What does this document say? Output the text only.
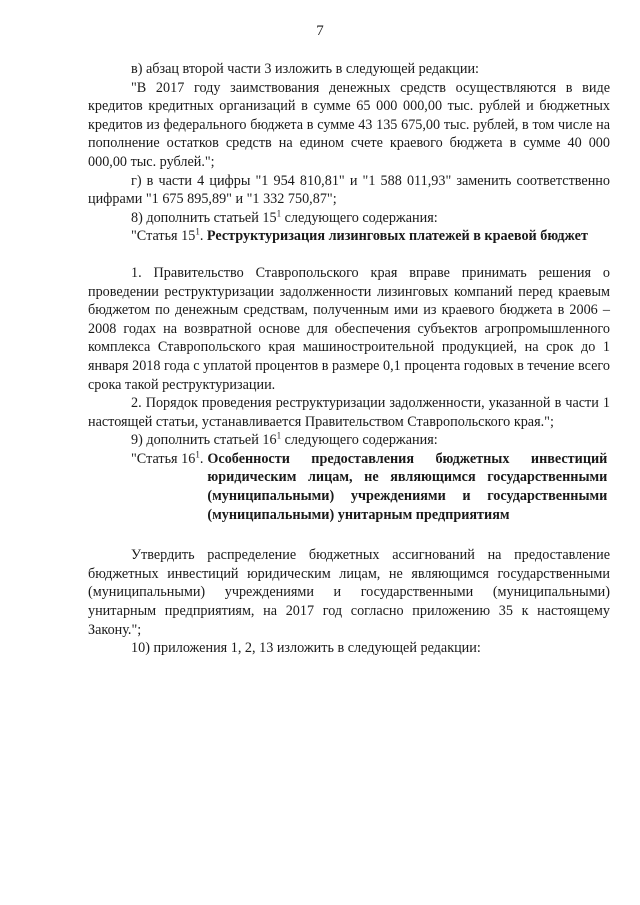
7

в) абзац второй части 3 изложить в следующей редакции:

"В 2017 году заимствования денежных средств осуществляются в виде кредитов кредитных организаций в сумме 65 000 000,00 тыс. рублей и бюджетных кредитов из федерального бюджета в сумме 43 135 675,00 тыс. рублей, в том числе на пополнение остатков средств на едином счете краевого бюджета в сумме 40 000 000,00 тыс. рублей.";

г) в части 4 цифры "1 954 810,81" и "1 588 011,93" заменить соответственно цифрами "1 675 895,89" и "1 332 750,87";

8) дополнить статьей $15^1$ следующего содержания:

"Статья $15^1$. Реструктуризация лизинговых платежей в краевой бюджет

1. Правительство Ставропольского края вправе принимать решения о проведении реструктуризации задолженности лизинговых компаний перед краевым бюджетом по денежным средствам, полученным ими из краевого бюджета в 2006 – 2008 годах на возвратной основе для обеспечения субъектов агропромышленного комплекса Ставропольского края машиностроительной продукцией, на срок до 1 января 2018 года с уплатой процентов в размере 0,1 процента годовых в течение всего срока такой реструктуризации.

2. Порядок проведения реструктуризации задолженности, указанной в части 1 настоящей статьи, устанавливается Правительством Ставропольского края.";

9) дополнить статьей $16^1$ следующего содержания:

"Статья $16^1$. Особенности предоставления бюджетных инвестиций
юридическим лицам, не являющимся государственными
(муниципальными) учреждениями и государственными
(муниципальными) унитарным предприятиям

Утвердить распределение бюджетных ассигнований на предоставление бюджетных инвестиций юридическим лицам, не являющимся государственными (муниципальными) учреждениями и государственными (муниципальными) унитарным предприятиям, на 2017 год согласно приложению 35 к настоящему Закону.";

10) приложения 1, 2, 13 изложить в следующей редакции:
